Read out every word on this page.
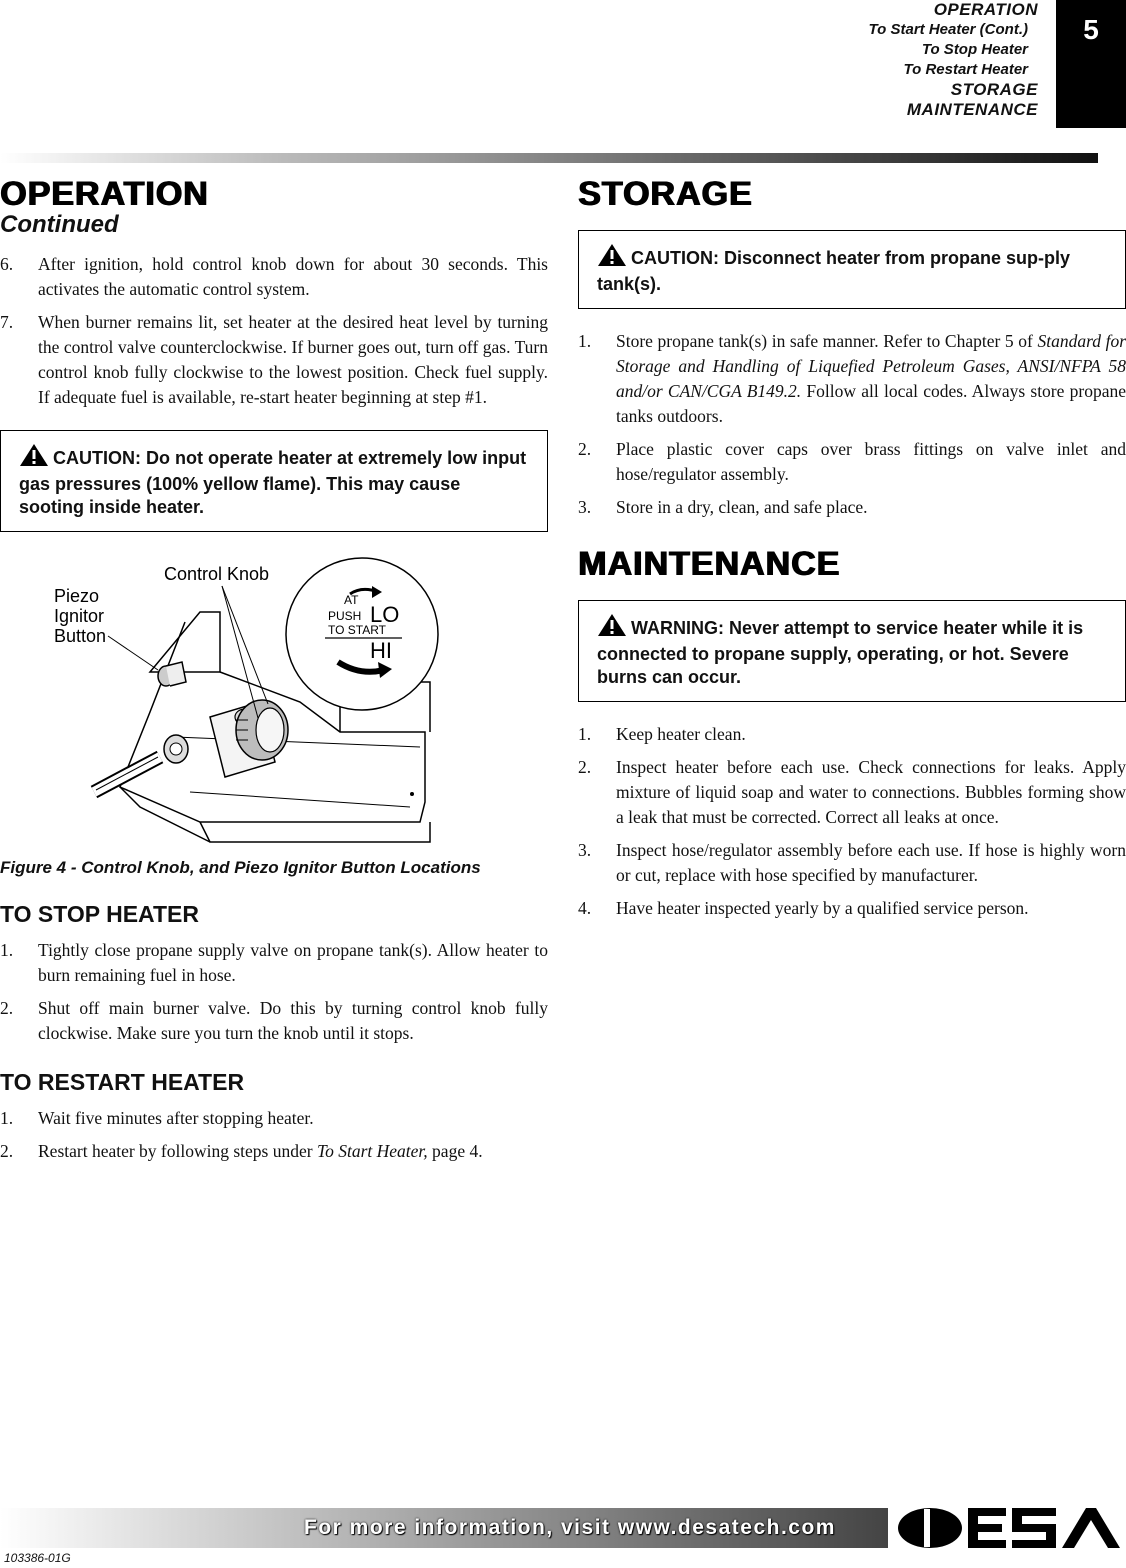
OPERATION
To Start Heater (Cont.)
To Stop Heater
To Restart Heater
STORAGE
MAINTENANCE
5
OPERATION
Continued
6.	After ignition, hold control knob down for about 30 seconds. This activates the automatic control system.
7.	When burner remains lit, set heater at the desired heat level by turning the control valve counterclockwise. If burner goes out, turn off gas. Turn control knob fully clockwise to the lowest position. Check fuel supply. If adequate fuel is available, re-start heater beginning at step #1.
CAUTION: Do not operate heater at extremely low input gas pressures (100% yellow flame). This may cause sooting inside heater.
Control Knob
Piezo
Ignitor
Button
AT
PUSH
TO START
LO
HI

Figure 4 - Control Knob, and Piezo Ignitor Button Locations

TO STOP HEATER
1.	Tightly close propane supply valve on propane tank(s). Allow heater to burn remaining fuel in hose.
2.	Shut off main burner valve. Do this by turning control knob fully clockwise. Make sure you turn the knob until it stops.
TO RESTART HEATER
1.	Wait five minutes after stopping heater.
2.	Restart heater by following steps under To Start Heater, page 4.
STORAGE
CAUTION: Disconnect heater from propane sup-ply tank(s).
1.	Store propane tank(s) in safe manner. Refer to Chapter 5 of Standard for Storage and Handling of Liquefied Petroleum Gases, ANSI/NFPA 58 and/or CAN/CGA B149.2. Follow all local codes. Always store propane tanks outdoors.
2.	Place plastic cover caps over brass fittings on valve inlet and hose/regulator assembly.
3.	Store in a dry, clean, and safe place.
MAINTENANCE
WARNING: Never attempt to service heater while it is connected to propane supply, operating, or hot. Severe burns can occur.
1.	Keep heater clean.
2.	Inspect heater before each use. Check connections for leaks. Apply mixture of liquid soap and water to connections. Bubbles forming show a leak that must be corrected. Correct all leaks at once.
3.	Inspect hose/regulator assembly before each use. If hose is highly worn or cut, replace with hose specified by manufacturer.
4.	Have heater inspected yearly by a qualified service person.
For more information, visit www.desatech.com
DESA
103386-01G
